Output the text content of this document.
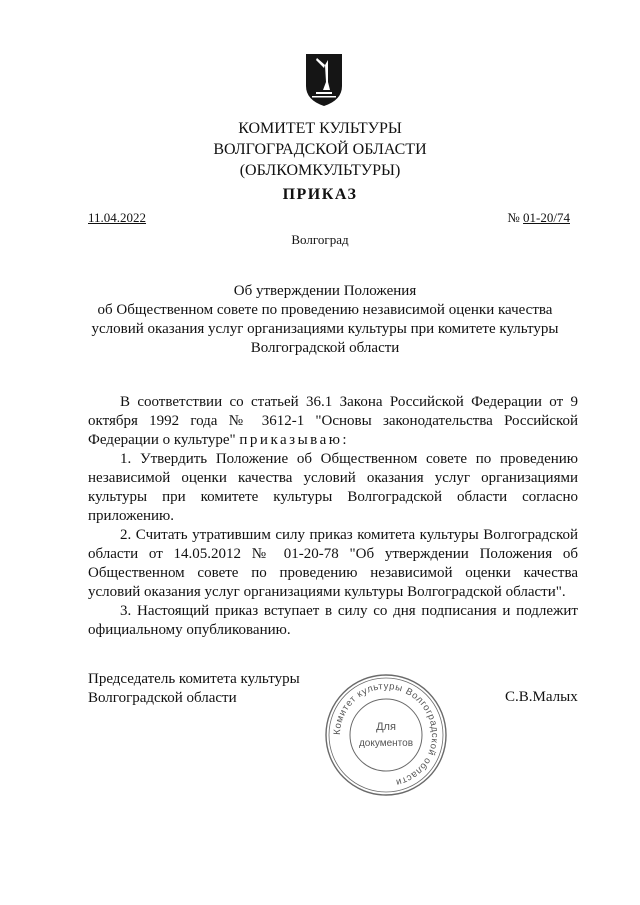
КОМИТЕТ КУЛЬТУРЫ
ВОЛГОГРАДСКОЙ ОБЛАСТИ
(ОБЛКОМКУЛЬТУРЫ)
ПРИКАЗ
11.04.2022	№ 01-20/74
Волгоград
Об утверждении Положения
об Общественном совете по проведению независимой оценки качества
условий оказания услуг организациями культуры при комитете культуры
Волгоградской области

В соответствии со статьей 36.1 Закона Российской Федерации от 9 октября 1992 года № 3612-1 "Основы законодательства Российской Федерации о культуре" приказываю:

1. Утвердить Положение об Общественном совете по проведению независимой оценки качества условий оказания услуг организациями культуры при комитете культуры Волгоградской области согласно приложению.

2. Считать утратившим силу приказ комитета культуры Волгоградской области от 14.05.2012 № 01-20-78 "Об утверждении Положения об Общественном совете по проведению независимой оценки качества условий оказания услуг организациями культуры Волгоградской области".

3. Настоящий приказ вступает в силу со дня подписания и подлежит официальному опубликованию.

Председатель комитета культуры
Волгоградской области	С.В.Малых
Комитет культуры Волгоградской области
Для
документов
